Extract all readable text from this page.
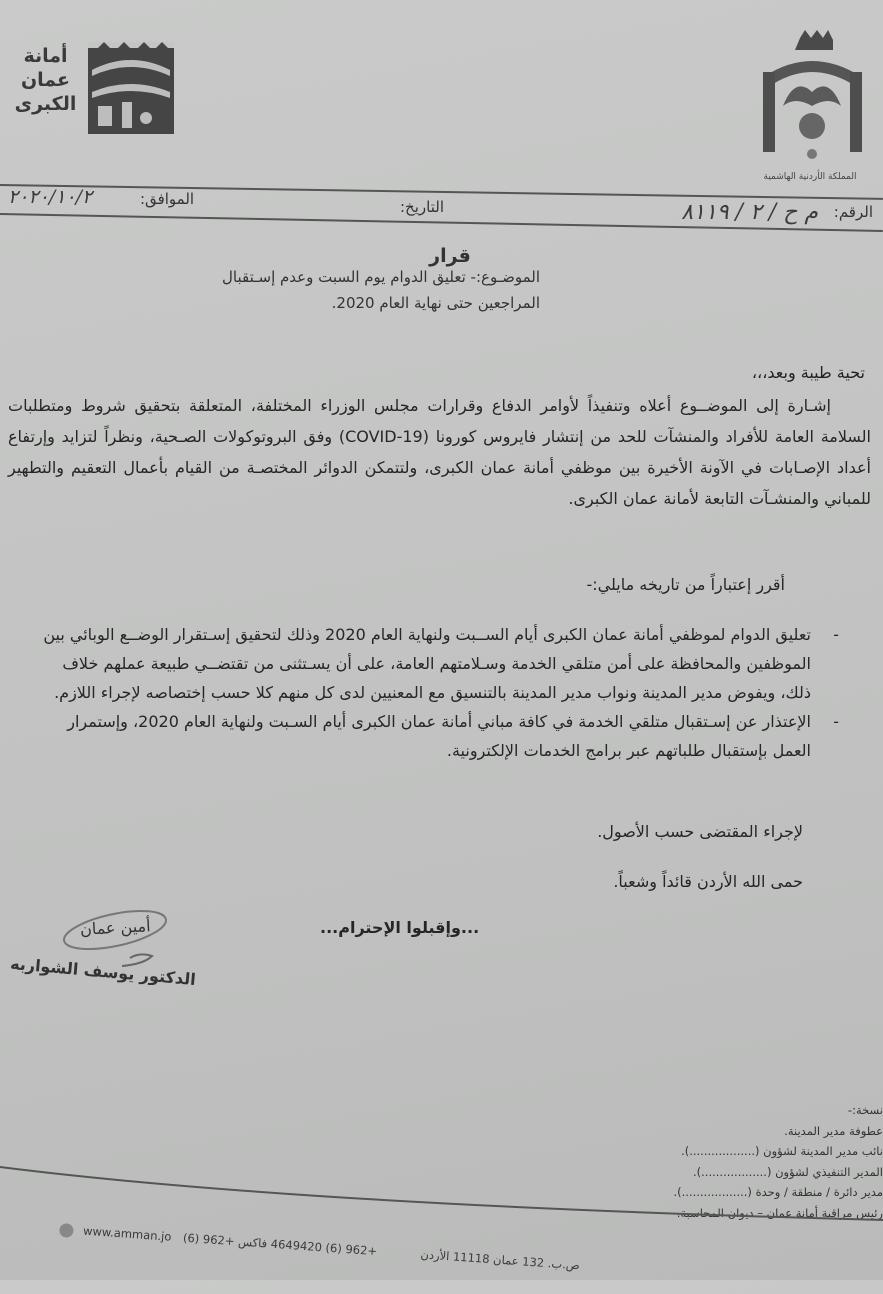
أمانة
عمان
الكبرى
المملكة الأردنية الهاشمية
الرقم:
م ح / ٢ / ٨١١٩
التاريخ:
الموافق:
٢٠٢٠/١٠/٢
قرار
الموضـوع:- تعليق الدوام يوم السبت وعدم إسـتقبال المراجعين حتى نهاية العام 2020.
تحية طيبة وبعد،،،
إشـارة إلى الموضــوع أعلاه وتنفيذاً لأوامر الدفاع وقرارات مجلس الوزراء المختلفة، المتعلقة بتحقيق شروط ومتطلبات السلامة العامة للأفراد والمنشآت للحد من إنتشار فايروس كورونا (COVID-19) وفق البروتوكولات الصـحية، ونظراً لتزايد وإرتفاع أعداد الإصـابات في الآونة الأخيرة بين موظفي أمانة عمان الكبرى، ولتتمكن الدوائر المختصـة من القيام بأعمال التعقيم والتطهير للمباني والمنشـآت التابعة لأمانة عمان الكبرى.
أقرر إعتباراً من تاريخه مايلي:-
-
تعليق الدوام لموظفي أمانة عمان الكبرى أيام الســبت ولنهاية العام 2020 وذلك لتحقيق إسـتقرار الوضــع الوبائي بين الموظفين والمحافظة على أمن متلقي الخدمة وسـلامتهم العامة، على أن يسـتثنى من تقتضــي طبيعة عملهم خلاف ذلك، ويفوض مدير المدينة ونواب مدير المدينة بالتنسيق مع المعنيين لدى كل منهم كلا حسب إختصاصه لإجراء اللازم.
-
الإعتذار عن إسـتقبال متلقي الخدمة في كافة مباني أمانة عمان الكبرى أيام السـبت ولنهاية العام 2020، وإستمرار العمل بإستقبال طلباتهم عبر برامج الخدمات الإلكترونية.
لإجراء المقتضى حسب الأصول.
حمى الله الأردن قائداً وشعباً.
...وإقبلوا الإحترام...
أمين عمان
الدكتور يوسف الشواربه
نسخة:-
عطوفة مدير المدينة.
نائب مدير المدينة لشؤون (..................).
المدير التنفيذي لشؤون (..................).
مدير دائرة / منطقة / وحدة (..................).
رئيس مراقبة أمانة عمان – ديوان المحاسبة.
www.amman.jo ص.ب. 132 عمان 11118 الأردن +962 (6) 4649420 فاكس +962 (6)
